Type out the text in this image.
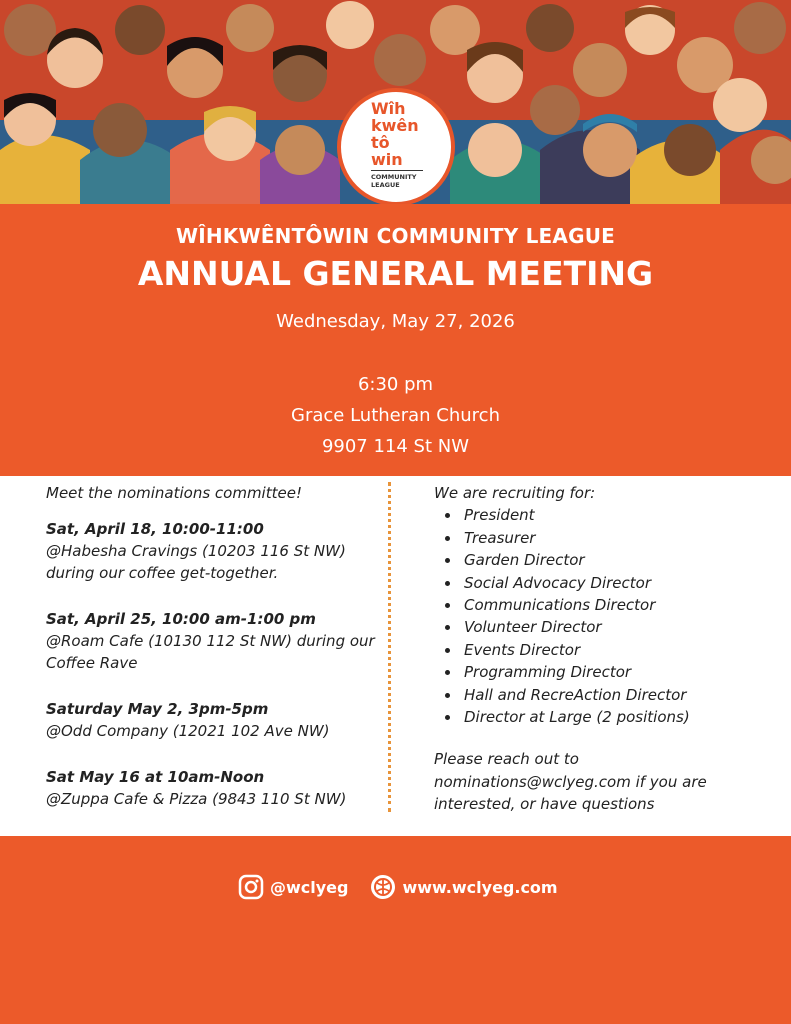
Wîh
kwên
tô
win
COMMUNITY
LEAGUE
WÎHKWÊNTÔWIN COMMUNITY LEAGUE
ANNUAL GENERAL MEETING
Wednesday, May 27, 2026
6:30 pm
Grace Lutheran Church
9907 114 St NW

Meet the nominations committee!

Sat, April 18, 10:00-11:00
@Habesha Cravings (10203 116 St NW) during our coffee get-together.

Sat, April 25, 10:00 am-1:00 pm
@Roam Cafe (10130 112 St NW) during our Coffee Rave

Saturday May 2, 3pm-5pm
@Odd Company (12021 102 Ave NW)

Sat May 16 at 10am-Noon
@Zuppa Cafe & Pizza (9843 110 St NW)

We are recruiting for:
President
Treasurer
Garden Director
Social Advocacy Director
Communications Director
Volunteer Director
Events Director
Programming Director
Hall and RecreAction Director
Director at Large (2 positions)
Please reach out to nominations@wclyeg.com if you are interested, or have questions
@wclyeg	www.wclyeg.com
